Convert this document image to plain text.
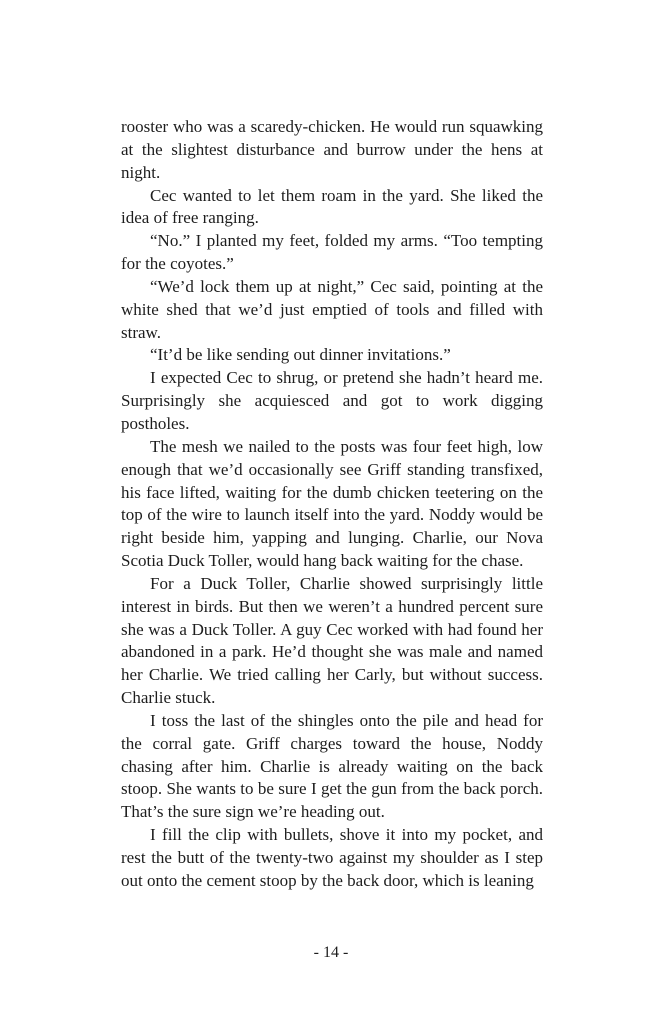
rooster who was a scaredy-chicken. He would run squawking at the slightest disturbance and burrow under the hens at night.

Cec wanted to let them roam in the yard. She liked the idea of free ranging.

“No.” I planted my feet, folded my arms. “Too tempting for the coyotes.”

“We’d lock them up at night,” Cec said, pointing at the white shed that we’d just emptied of tools and filled with straw.

“It’d be like sending out dinner invitations.”

I expected Cec to shrug, or pretend she hadn’t heard me. Surprisingly she acquiesced and got to work digging postholes.

The mesh we nailed to the posts was four feet high, low enough that we’d occasionally see Griff standing transfixed, his face lifted, waiting for the dumb chicken teetering on the top of the wire to launch itself into the yard. Noddy would be right beside him, yapping and lunging. Charlie, our Nova Scotia Duck Toller, would hang back waiting for the chase.

For a Duck Toller, Charlie showed surprisingly little interest in birds. But then we weren’t a hundred percent sure she was a Duck Toller. A guy Cec worked with had found her abandoned in a park. He’d thought she was male and named her Charlie. We tried calling her Carly, but without success. Charlie stuck.

I toss the last of the shingles onto the pile and head for the corral gate. Griff charges toward the house, Noddy chasing after him. Charlie is already waiting on the back stoop. She wants to be sure I get the gun from the back porch. That’s the sure sign we’re heading out.

I fill the clip with bullets, shove it into my pocket, and rest the butt of the twenty-two against my shoulder as I step out onto the cement stoop by the back door, which is leaning

- 14 -
